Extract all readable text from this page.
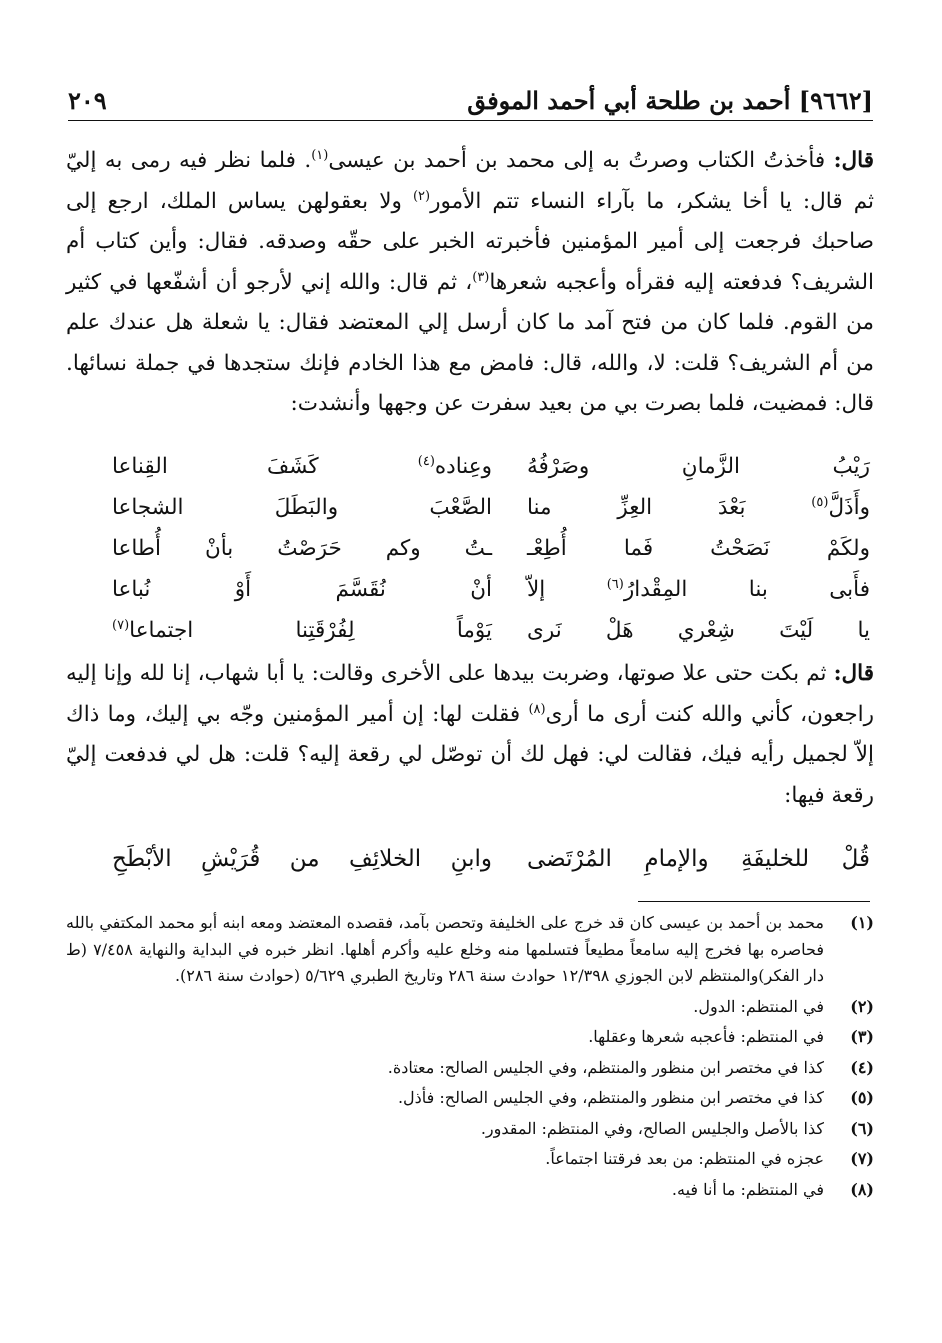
[٩٦٦٢] أحمد بن طلحة أبي أحمد الموفق
٢٠٩
قال: فأخذتُ الكتاب وصرتُ به إلى محمد بن أحمد بن عيسى$^{(١)}$. فلما نظر فيه رمى به إليّ ثم قال: يا أخا يشكر، ما بآراء النساء تتم الأمور$^{(٢)}$ ولا بعقولهن يساس الملك، ارجع إلى صاحبك فرجعت إلى أمير المؤمنين فأخبرته الخبر على حقّه وصدقه. فقال: وأين كتاب أم الشريف؟ فدفعته إليه فقرأه وأعجبه شعرها$^{(٣)}$، ثم قال: والله إني لأرجو أن أشفّعها في كثير من القوم. فلما كان من فتح آمد ما كان أرسل إلي المعتضد فقال: يا شعلة هل عندك علم من أم الشريف؟ قلت: لا، والله، قال: فامض مع هذا الخادم فإنك ستجدها في جملة نسائها. قال: فمضيت، فلما بصرت بي من بعيد سفرت عن وجهها وأنشدت:
رَيْبُ الزَّمانِ وصَرْفُهُ
وعِناده$^{(٤)}$ كَشَفَ القِناعا
وأَذَلَّ$^{(٥)}$ بَعْدَ العِزِّ منا
الصَّعْبَ والبَطَلَ الشجاعا
ولكَمْ نَصَحْتُ فَما أُطِعْـ
ـتُ وكم حَرَصْتُ بأنْ أُطاعا
فأَبى بنا المِقْدارُ$^{(٦)}$ إلاّ
أنْ نُقَسَّمَ أَوْ نُباعا
يا لَيْتَ شِعْري هَلْ نَرى
يَوْماً لِفُرْقَتِنا اجتماعا$^{(٧)}$
قال: ثم بكت حتى علا صوتها، وضربت بيدها على الأخرى وقالت: يا أبا شهاب، إنا لله وإنا إليه راجعون، كأني والله كنت أرى ما أرى$^{(٨)}$ فقلت لها: إن أمير المؤمنين وجّه بي إليك، وما ذاك إلاّ لجميل رأيه فيك، فقالت لي: فهل لك أن توصّل لي رقعة إليه؟ قلت: هل لي فدفعت إليّ رقعة فيها:
قُلْ للخليفَةِ والإمامِ المُرْتَضى
وابنِ الخلائِفِ من قُرَيْشِ الأبْطَحِ
(١)
محمد بن أحمد بن عيسى كان قد خرج على الخليفة وتحصن بآمد، فقصده المعتضد ومعه ابنه أبو محمد المكتفي بالله فحاصره بها فخرج إليه سامعاً مطيعاً فتسلمها منه وخلع عليه وأكرم أهلها. انظر خبره في البداية والنهاية ٧/٤٥٨ (ط دار الفكر)والمنتظم لابن الجوزي ١٢/٣٩٨ حوادث سنة ٢٨٦ وتاريخ الطبري ٥/٦٢٩ (حوادث سنة ٢٨٦).
(٢)
في المنتظم: الدول.
(٣)
في المنتظم: فأعجبه شعرها وعقلها.
(٤)
كذا في مختصر ابن منظور والمنتظم، وفي الجليس الصالح: معتادة.
(٥)
كذا في مختصر ابن منظور والمنتظم، وفي الجليس الصالح: فأذل.
(٦)
كذا بالأصل والجليس الصالح، وفي المنتظم: المقدور.
(٧)
عجزه في المنتظم: من بعد فرقتنا اجتماعاً.
(٨)
في المنتظم: ما أنا فيه.
